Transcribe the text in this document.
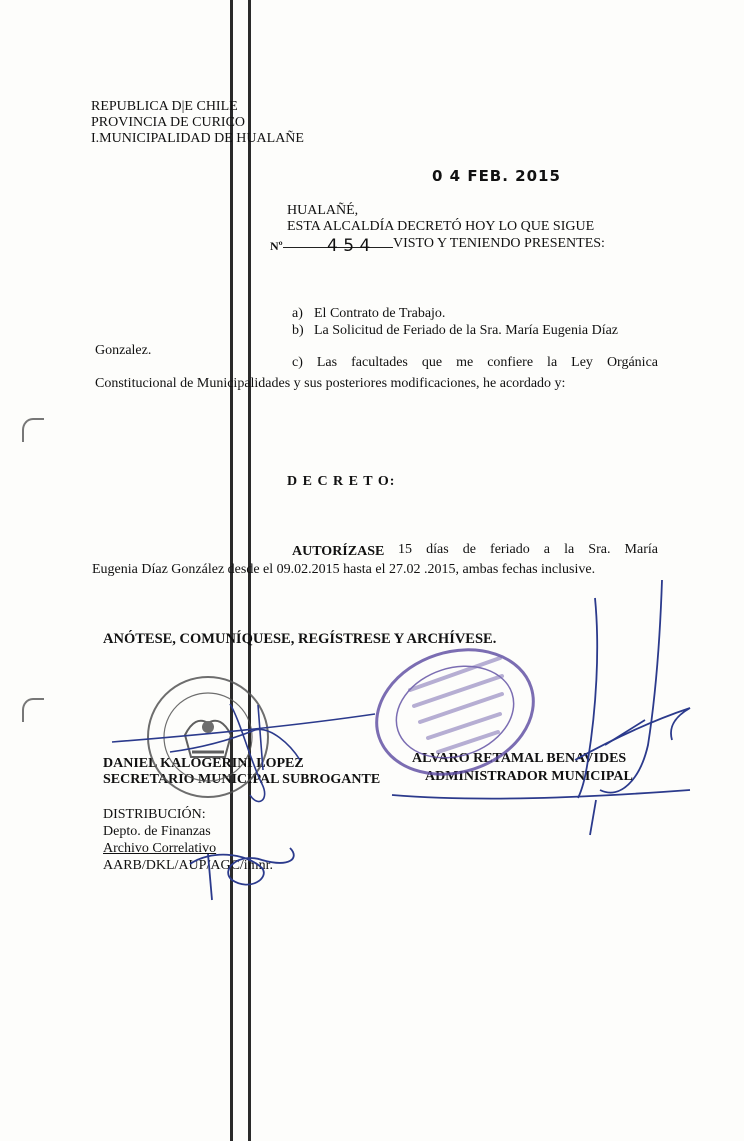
REPUBLICA D|E CHILE
PROVINCIA DE CURICO
I.MUNICIPALIDAD DE HUALAÑE
0 4 FEB. 2015
HUALAÑÉ,
ESTA ALCALDÍA DECRETÓ HOY LO QUE SIGUE
Nº	4 5 4 VISTO Y TENIENDO PRESENTES:
a) El Contrato de Trabajo.
b) La Solicitud de Feriado de la Sra. María Eugenia Díaz
Gonzalez.
c) Las facultades que me confiere la Ley Orgánica
Constitucional de Municipalidades y sus posteriores modificaciones, he acordado y:
D E C R E T O:
AUTORÍZASE 15 días de feriado a la Sra. María
Eugenia Díaz González desde el 09.02.2015 hasta el 27.02 .2015, ambas fechas inclusive.
ANÓTESE, COMUNÍQUESE, REGÍSTRESE Y ARCHÍVESE.
DANIEL KALOGERINI LOPEZ
SECRETARIO MUNICIPAL SUBROGANTE
ALVARO RETAMAL BENAVIDES
ADMINISTRADOR MUNICIPAL
DISTRIBUCIÓN:
Depto. de Finanzas
Archivo Correlativo
AARB/DKL/AUP/AGC/imnr.
